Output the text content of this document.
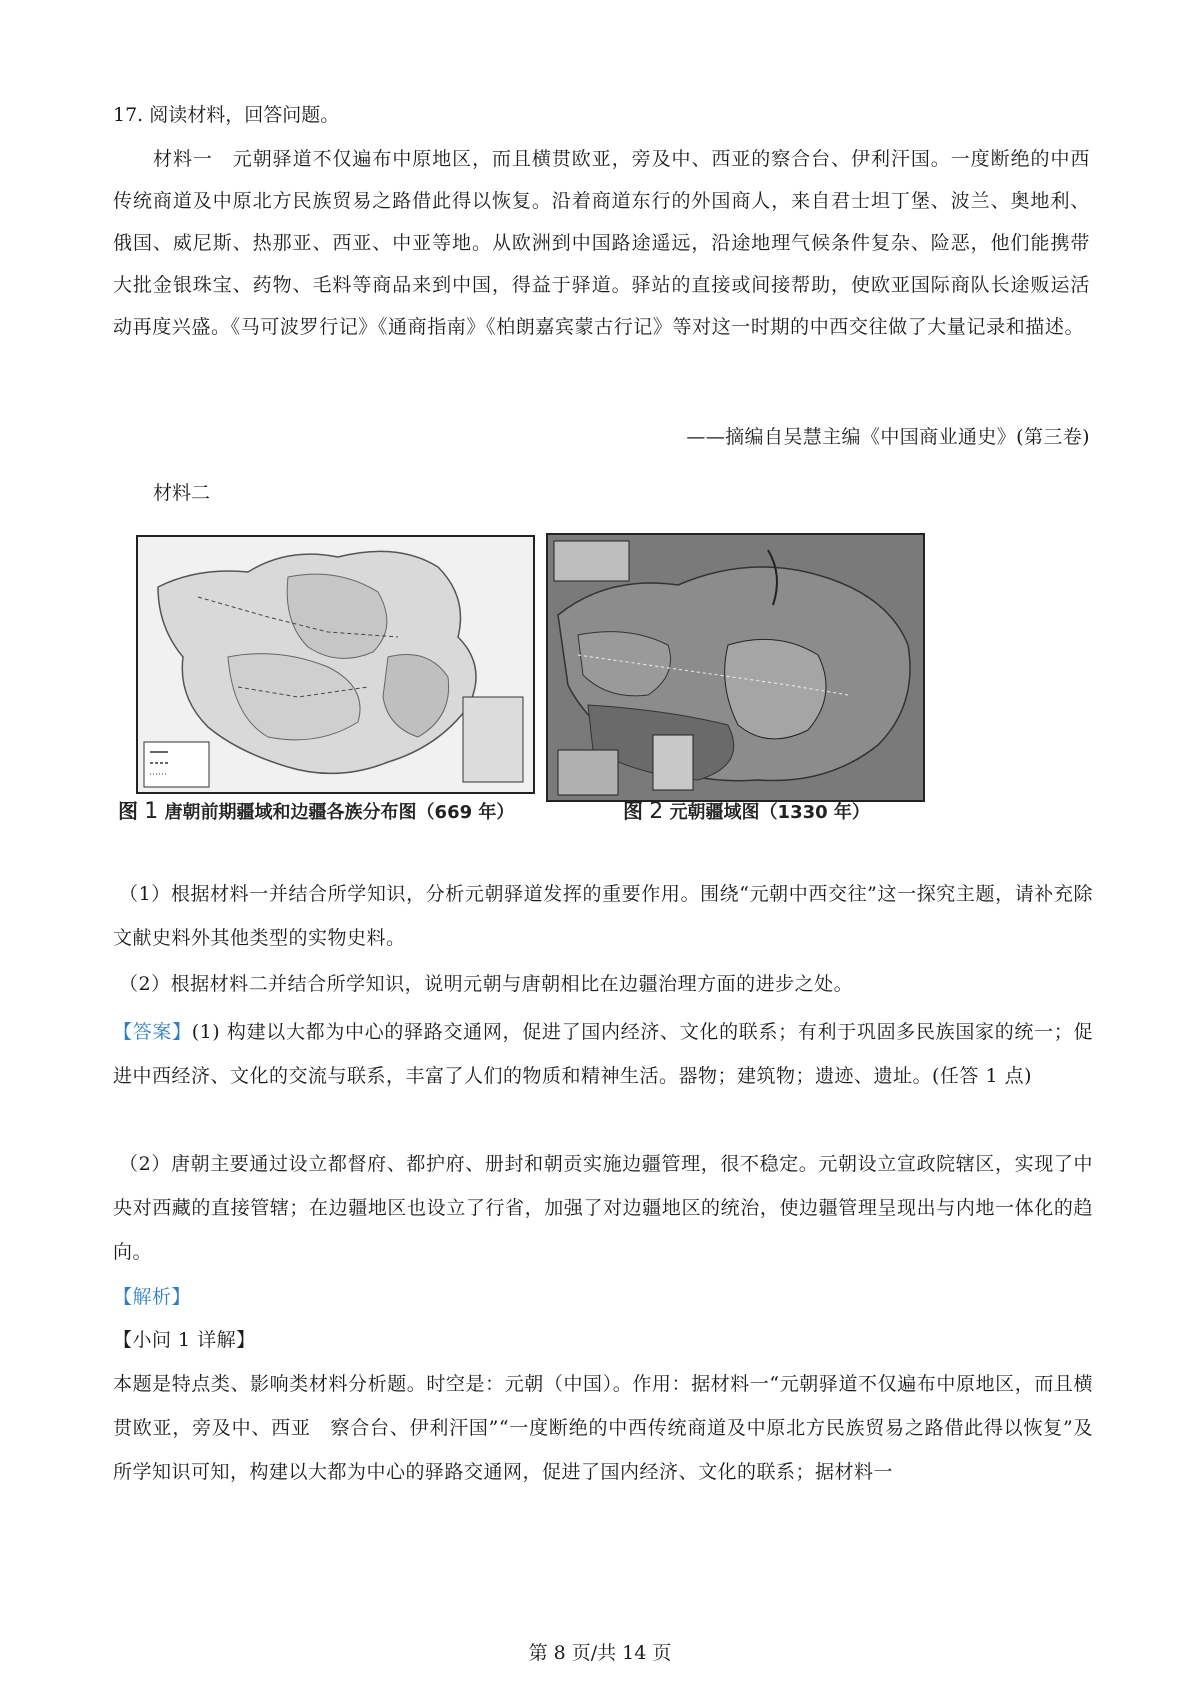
17. 阅读材料，回答问题。
材料一　元朝驿道不仅遍布中原地区，而且横贯欧亚，旁及中、西亚的察合台、伊利汗国。一度断绝的中西传统商道及中原北方民族贸易之路借此得以恢复。沿着商道东行的外国商人，来自君士坦丁堡、波兰、奥地利、俄国、威尼斯、热那亚、西亚、中亚等地。从欧洲到中国路途遥远，沿途地理气候条件复杂、险恶，他们能携带大批金银珠宝、药物、毛料等商品来到中国，得益于驿道。驿站的直接或间接帮助，使欧亚国际商队长途贩运活动再度兴盛。《马可波罗行记》《通商指南》《柏朗嘉宾蒙古行记》等对这一时期的中西交往做了大量记录和描述。
——摘编自吴慧主编《中国商业通史》(第三卷)
材料二
图 1 唐朝前期疆域和边疆各族分布图（669 年）	图 2 元朝疆域图（1330 年）
（1）根据材料一并结合所学知识，分析元朝驿道发挥的重要作用。围绕“元朝中西交往”这一探究主题，请补充除文献史料外其他类型的实物史料。
（2）根据材料二并结合所学知识，说明元朝与唐朝相比在边疆治理方面的进步之处。
【答案】(1) 构建以大都为中心的驿路交通网，促进了国内经济、文化的联系；有利于巩固多民族国家的统一；促进中西经济、文化的交流与联系，丰富了人们的物质和精神生活。器物；建筑物；遗迹、遗址。(任答 1 点)
（2）唐朝主要通过设立都督府、都护府、册封和朝贡实施边疆管理，很不稳定。元朝设立宣政院辖区，实现了中央对西藏的直接管辖；在边疆地区也设立了行省，加强了对边疆地区的统治，使边疆管理呈现出与内地一体化的趋向。
【解析】
【小问 1 详解】
本题是特点类、影响类材料分析题。时空是：元朝（中国）。作用：据材料一“元朝驿道不仅遍布中原地区，而且横贯欧亚，旁及中、西亚　察合台、伊利汗国”“一度断绝的中西传统商道及中原北方民族贸易之路借此得以恢复”及所学知识可知，构建以大都为中心的驿路交通网，促进了国内经济、文化的联系；据材料一
第 8 页/共 14 页
